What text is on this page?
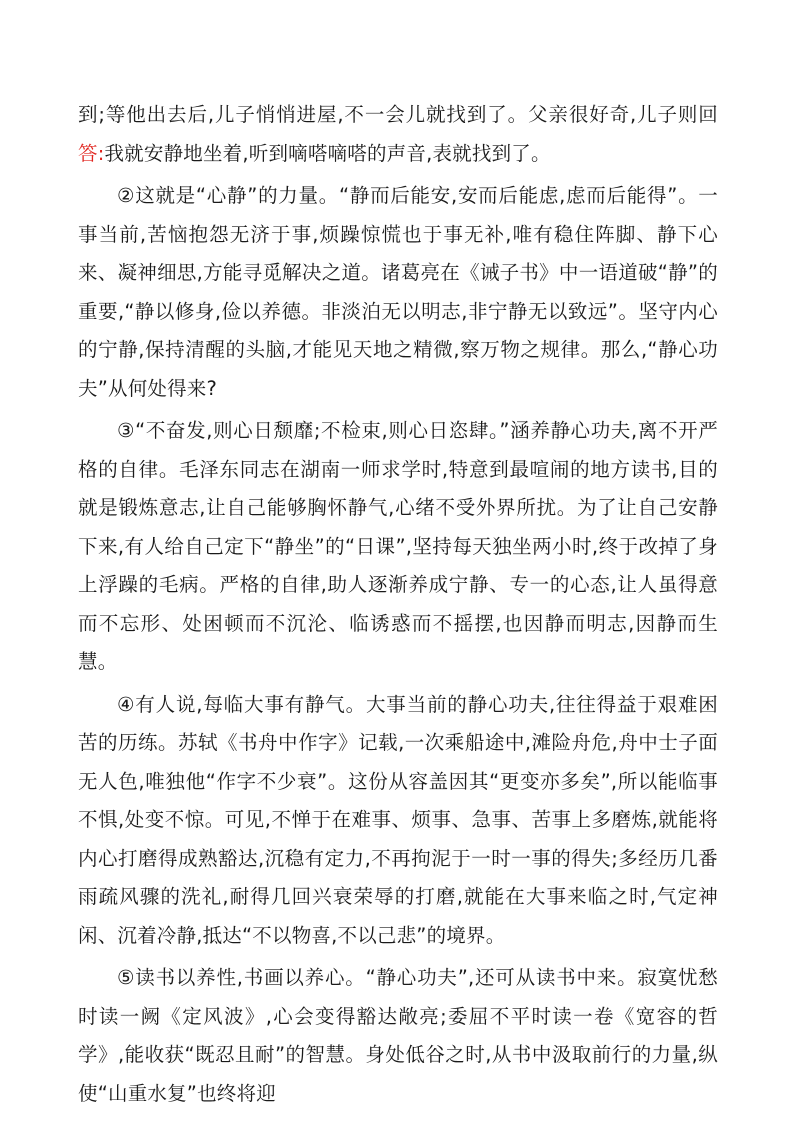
到;等他出去后,儿子悄悄进屋,不一会儿就找到了。父亲很好奇,儿子则回答:我就安静地坐着,听到嘀嗒嘀嗒的声音,表就找到了。

②这就是“心静”的力量。“静而后能安,安而后能虑,虑而后能得”。一事当前,苦恼抱怨无济于事,烦躁惊慌也于事无补,唯有稳住阵脚、静下心来、凝神细思,方能寻觅解决之道。诸葛亮在《诫子书》中一语道破“静”的重要,“静以修身,俭以养德。非淡泊无以明志,非宁静无以致远”。坚守内心的宁静,保持清醒的头脑,才能见天地之精微,察万物之规律。那么,“静心功夫”从何处得来?

③“不奋发,则心日颓靡;不检束,则心日恣肆。”涵养静心功夫,离不开严格的自律。毛泽东同志在湖南一师求学时,特意到最喧闹的地方读书,目的就是锻炼意志,让自己能够胸怀静气,心绪不受外界所扰。为了让自己安静下来,有人给自己定下“静坐”的“日课”,坚持每天独坐两小时,终于改掉了身上浮躁的毛病。严格的自律,助人逐渐养成宁静、专一的心态,让人虽得意而不忘形、处困顿而不沉沦、临诱惑而不摇摆,也因静而明志,因静而生慧。

④有人说,每临大事有静气。大事当前的静心功夫,往往得益于艰难困苦的历练。苏轼《书舟中作字》记载,一次乘船途中,滩险舟危,舟中士子面无人色,唯独他“作字不少衰”。这份从容盖因其“更变亦多矣”,所以能临事不惧,处变不惊。可见,不惮于在难事、烦事、急事、苦事上多磨炼,就能将内心打磨得成熟豁达,沉稳有定力,不再拘泥于一时一事的得失;多经历几番雨疏风骤的洗礼,耐得几回兴衰荣辱的打磨,就能在大事来临之时,气定神闲、沉着冷静,抵达“不以物喜,不以己悲”的境界。

⑤读书以养性,书画以养心。“静心功夫”,还可从读书中来。寂寞忧愁时读一阙《定风波》,心会变得豁达敞亮;委屈不平时读一卷《宽容的哲学》,能收获“既忍且耐”的智慧。身处低谷之时,从书中汲取前行的力量,纵使“山重水复”也终将迎
